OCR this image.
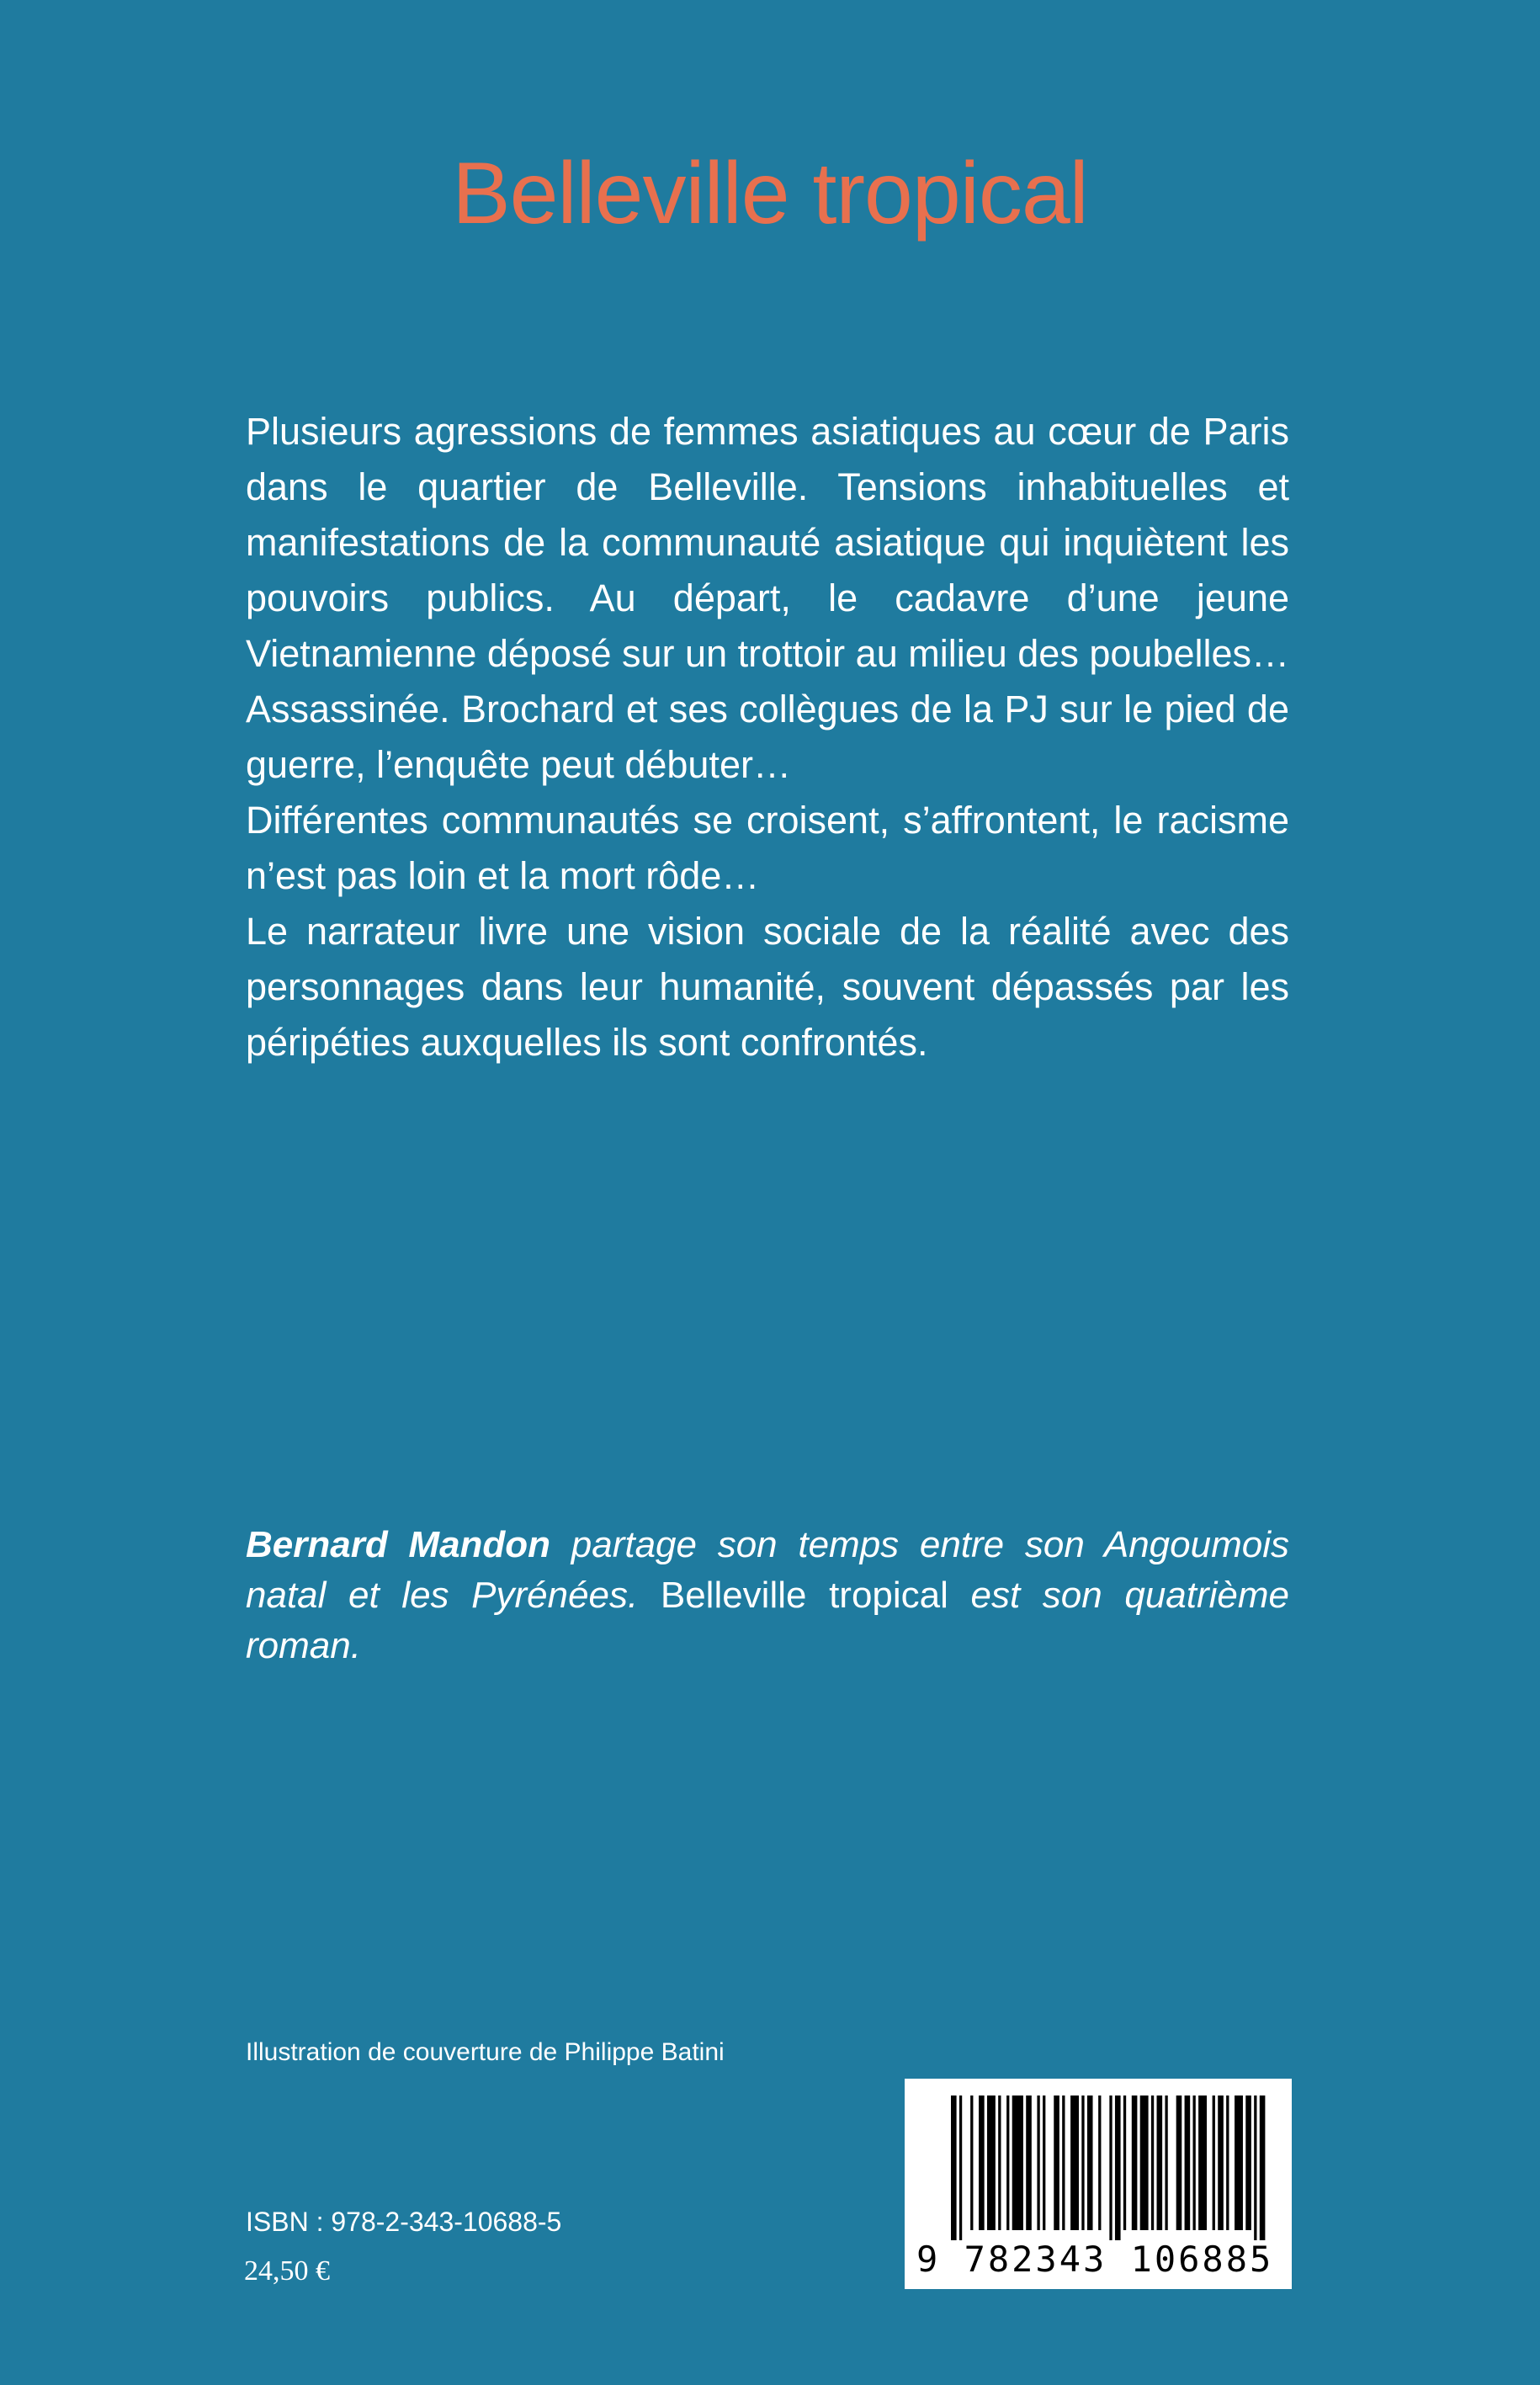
Belleville tropical

Plusieurs agressions de femmes asiatiques au cœur de Paris dans le quartier de Belleville. Tensions inhabituelles et manifestations de la communauté asiatique qui inquiètent les pouvoirs publics. Au départ, le cadavre d’une jeune Vietnamienne déposé sur un trottoir au milieu des poubelles… Assassinée. Brochard et ses collègues de la PJ sur le pied de guerre, l’enquête peut débuter…

Différentes communautés se croisent, s’affrontent, le racisme n’est pas loin et la mort rôde…

Le narrateur livre une vision sociale de la réalité avec des personnages dans leur humanité, souvent dépassés par les péripéties auxquelles ils sont confrontés.

Bernard Mandon partage son temps entre son Angoumois natal et les Pyrénées. Belleville tropical est son quatrième roman.

Illustration de couverture de Philippe Batini
9 782343 106885
ISBN : 978-2-343-10688-5
24,50 €
